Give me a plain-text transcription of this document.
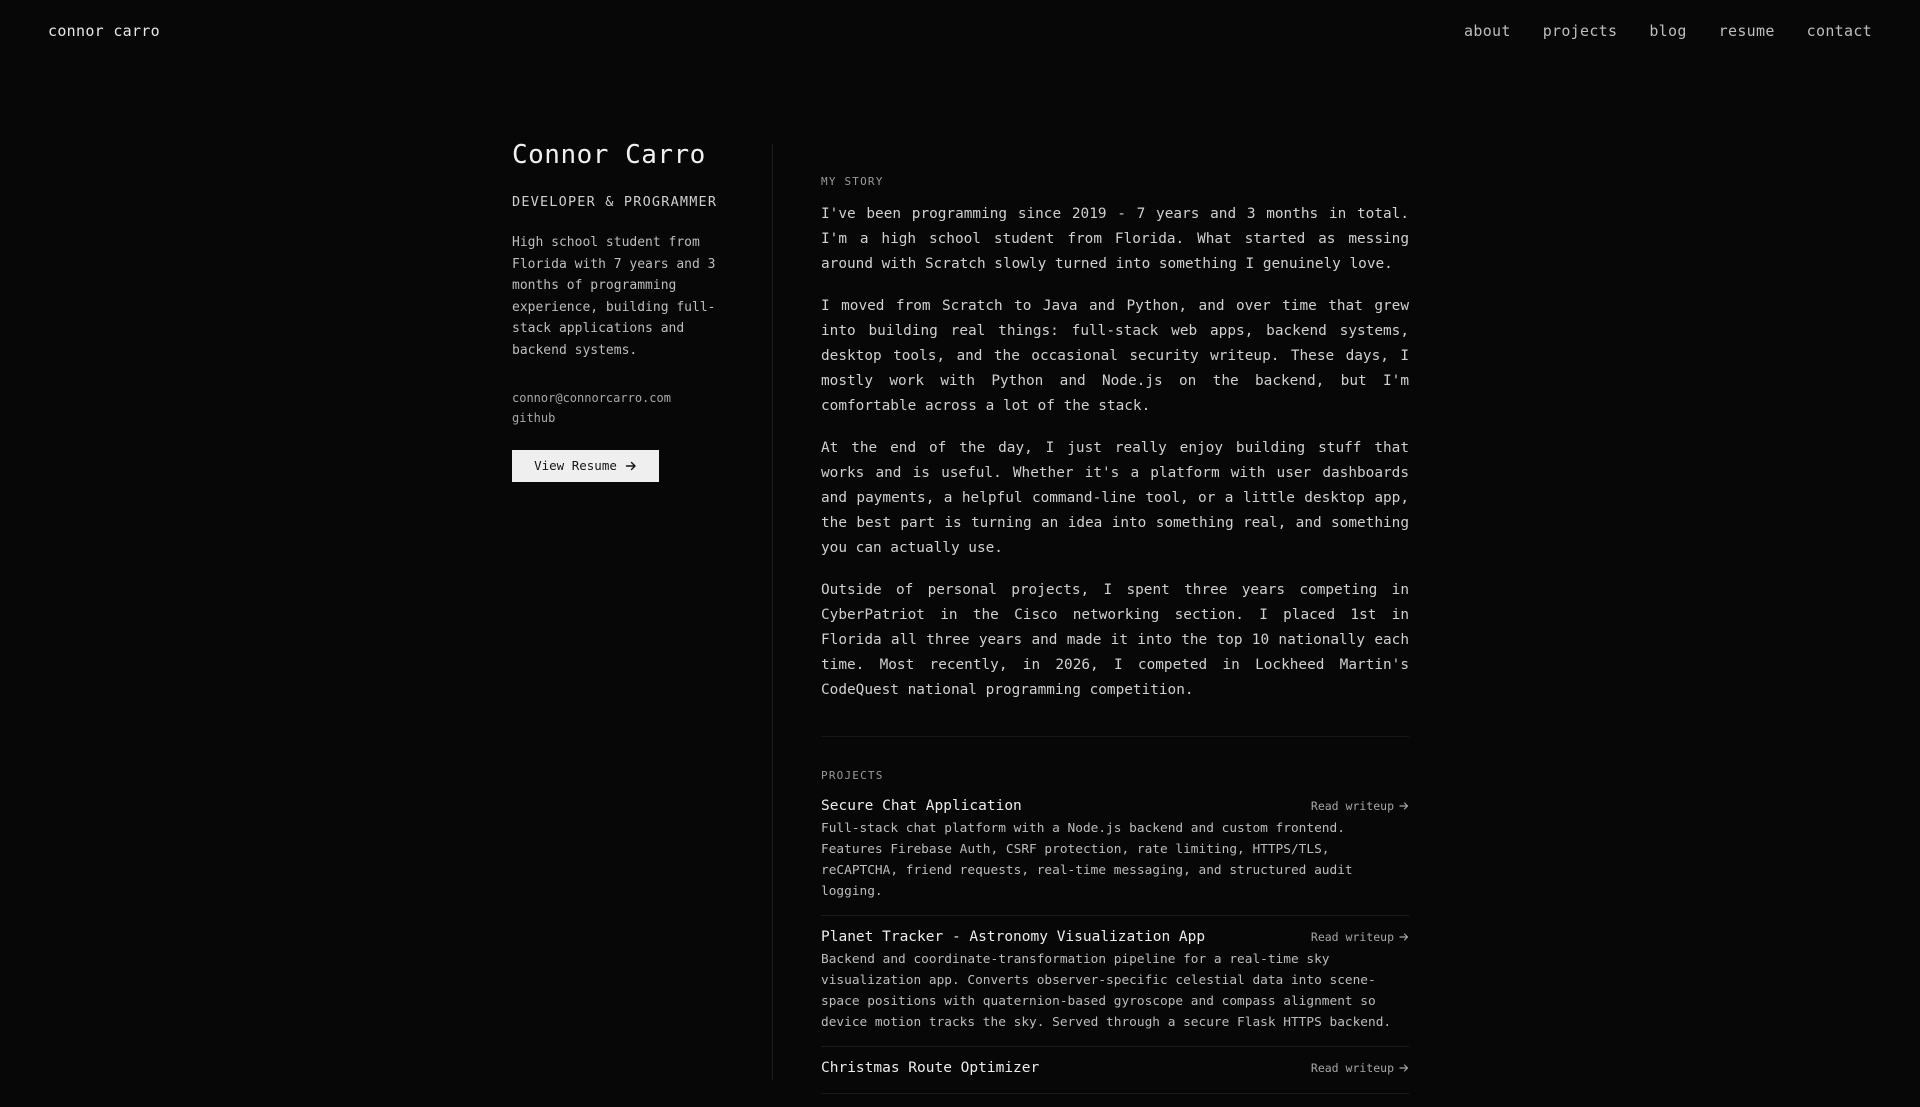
connor carro	about projects blog resume contact
Connor Carro
DEVELOPER & PROGRAMMER
High school student from Florida with 7 years and 3 months of programming experience, building full-stack applications and backend systems.
connor@connorcarro.com
github
View Resume
MY STORY

I've been programming since 2019 - 7 years and 3 months in total. I'm a high school student from Florida. What started as messing around with Scratch slowly turned into something I genuinely love.

I moved from Scratch to Java and Python, and over time that grew into building real things: full-stack web apps, backend systems, desktop tools, and the occasional security writeup. These days, I mostly work with Python and Node.js on the backend, but I'm comfortable across a lot of the stack.

At the end of the day, I just really enjoy building stuff that works and is useful. Whether it's a platform with user dashboards and payments, a helpful command-line tool, or a little desktop app, the best part is turning an idea into something real, and something you can actually use.

Outside of personal projects, I spent three years competing in CyberPatriot in the Cisco networking section. I placed 1st in Florida all three years and made it into the top 10 nationally each time. Most recently, in 2026, I competed in Lockheed Martin's CodeQuest national programming competition.

PROJECTS
Secure Chat Application	Read writeup
Full-stack chat platform with a Node.js backend and custom frontend. Features Firebase Auth, CSRF protection, rate limiting, HTTPS/TLS, reCAPTCHA, friend requests, real-time messaging, and structured audit logging.
Planet Tracker - Astronomy Visualization App	Read writeup
Backend and coordinate-transformation pipeline for a real-time sky visualization app. Converts observer-specific celestial data into scene-space positions with quaternion-based gyroscope and compass alignment so device motion tracks the sky. Served through a secure Flask HTTPS backend.
Christmas Route Optimizer	Read writeup
